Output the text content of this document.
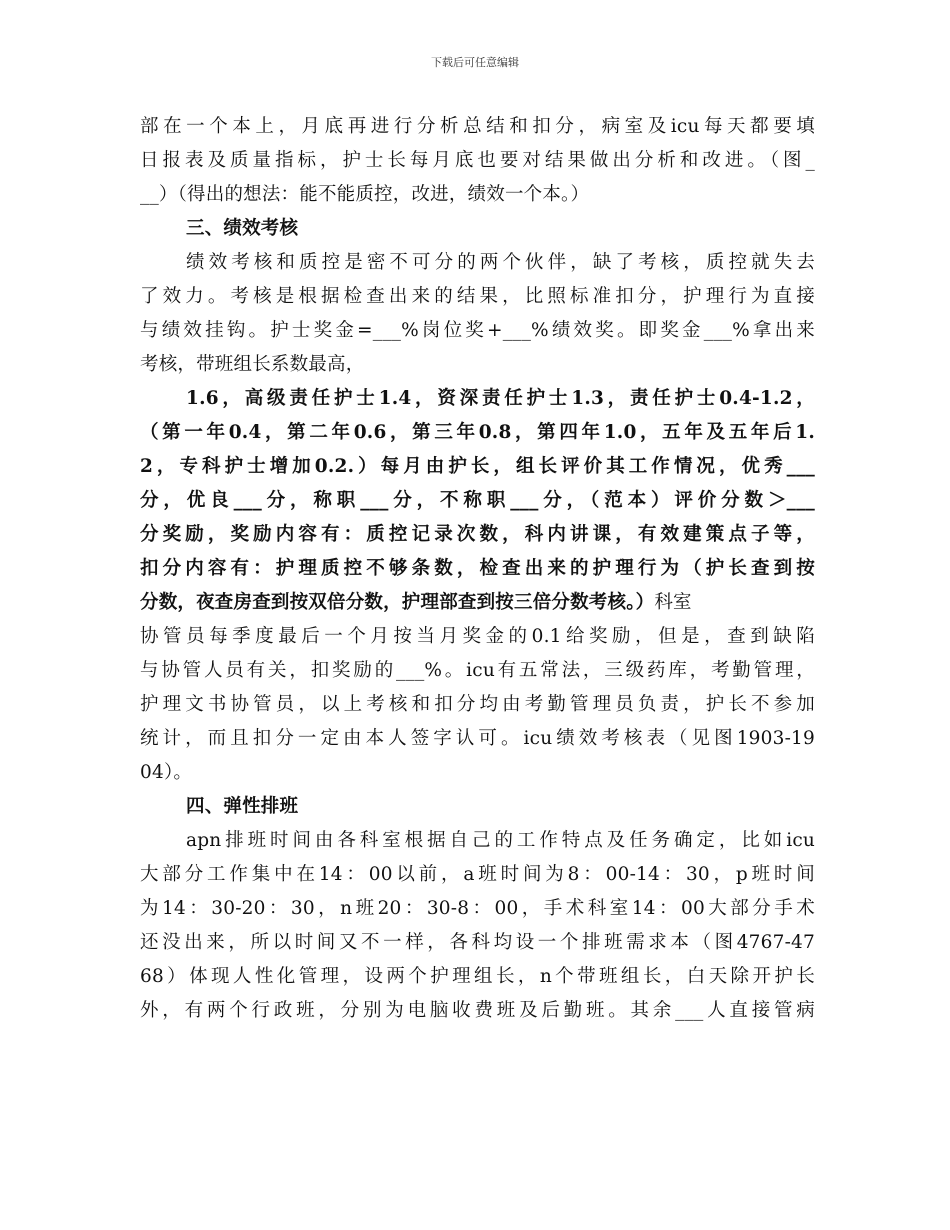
下载后可任意编辑
部在一个本上，月底再进行分析总结和扣分，病室及icu每天都要填
日报表及质量指标，护士长每月底也要对结果做出分析和改进。（图_
__）（得出的想法：能不能质控，改进，绩效一个本。）
三、绩效考核
绩效考核和质控是密不可分的两个伙伴，缺了考核，质控就失去
了效力。考核是根据检查出来的结果，比照标准扣分，护理行为直接
与绩效挂钩。护士奖金=___%岗位奖+___%绩效奖。即奖金___%拿出来
考核，带班组长系数最高，
1.6，高级责任护士1.4，资深责任护士1.3，责任护士0.4-1.2，
（第一年0.4，第二年0.6，第三年0.8，第四年1.0，五年及五年后1.
2，专科护士增加0.2.）每月由护长，组长评价其工作情况，优秀___
分，优良___分，称职___分，不称职___分，（范本）评价分数＞___
分奖励，奖励内容有：质控记录次数，科内讲课，有效建策点子等，
扣分内容有：护理质控不够条数，检查出来的护理行为（护长查到按
分数，夜查房查到按双倍分数，护理部查到按三倍分数考核。）科室
协管员每季度最后一个月按当月奖金的0.1给奖励，但是，查到缺陷
与协管人员有关，扣奖励的___%。icu有五常法，三级药库，考勤管理，
护理文书协管员，以上考核和扣分均由考勤管理员负责，护长不参加
统计，而且扣分一定由本人签字认可。icu绩效考核表（见图1903-19
04）。
四、弹性排班
apn排班时间由各科室根据自己的工作特点及任务确定，比如icu
大部分工作集中在14：00以前，a班时间为8：00-14：30，p班时间
为14：30-20：30，n班20：30-8：00，手术科室14：00大部分手术
还没出来，所以时间又不一样，各科均设一个排班需求本（图4767-47
68）体现人性化管理，设两个护理组长，n个带班组长，白天除开护长
外，有两个行政班，分别为电脑收费班及后勤班。其余___人直接管病
